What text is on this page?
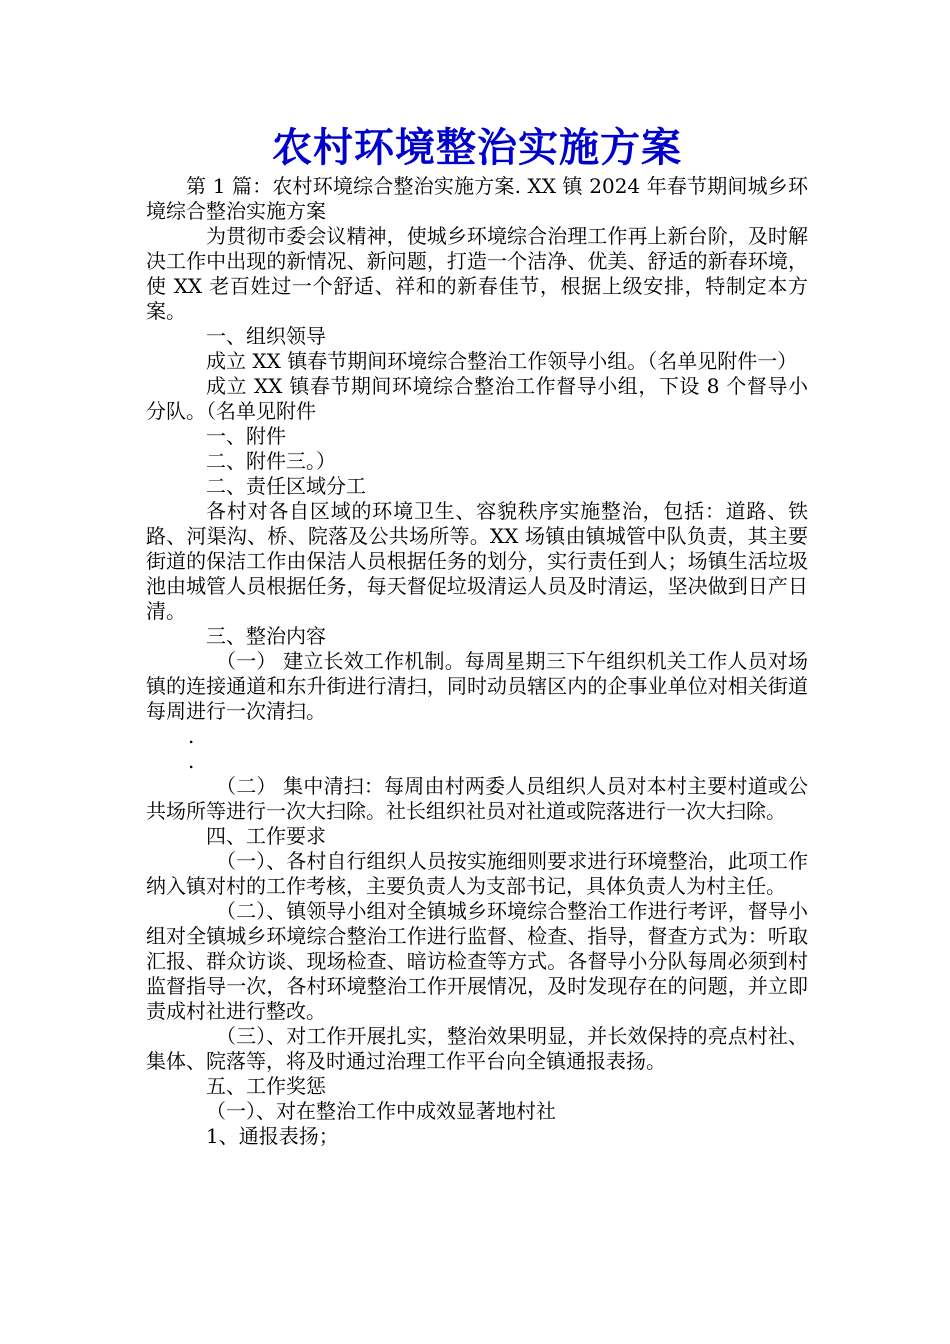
农村环境整治实施方案

第 1 篇：农村环境综合整治实施方案. XX 镇 2024 年春节期间城乡环境综合整治实施方案

为贯彻市委会议精神，使城乡环境综合治理工作再上新台阶，及时解决工作中出现的新情况、新问题，打造一个洁净、优美、舒适的新春环境，使 XX 老百姓过一个舒适、祥和的新春佳节，根据上级安排，特制定本方案。

一、组织领导

成立 XX 镇春节期间环境综合整治工作领导小组。（名单见附件一）

成立 XX 镇春节期间环境综合整治工作督导小组，下设 8 个督导小分队。（名单见附件

一、附件

二、附件三。）

二、责任区域分工

各村对各自区域的环境卫生、容貌秩序实施整治，包括：道路、铁路、河渠沟、桥、院落及公共场所等。XX 场镇由镇城管中队负责，其主要街道的保洁工作由保洁人员根据任务的划分，实行责任到人；场镇生活垃圾池由城管人员根据任务，每天督促垃圾清运人员及时清运，坚决做到日产日清。

三、整治内容

（一） 建立长效工作机制。每周星期三下午组织机关工作人员对场镇的连接通道和东升街进行清扫，同时动员辖区内的企事业单位对相关街道每周进行一次清扫。

.

.

（二） 集中清扫：每周由村两委人员组织人员对本村主要村道或公共场所等进行一次大扫除。社长组织社员对社道或院落进行一次大扫除。

四、工作要求

（一）、各村自行组织人员按实施细则要求进行环境整治，此项工作纳入镇对村的工作考核，主要负责人为支部书记，具体负责人为村主任。

（二）、镇领导小组对全镇城乡环境综合整治工作进行考评，督导小组对全镇城乡环境综合整治工作进行监督、检查、指导，督查方式为：听取汇报、群众访谈、现场检查、暗访检查等方式。各督导小分队每周必须到村监督指导一次，各村环境整治工作开展情况，及时发现存在的问题，并立即责成村社进行整改。

（三）、对工作开展扎实，整治效果明显，并长效保持的亮点村社、集体、院落等，将及时通过治理工作平台向全镇通报表扬。

五、工作奖惩

（一）、对在整治工作中成效显著地村社

1、通报表扬；
